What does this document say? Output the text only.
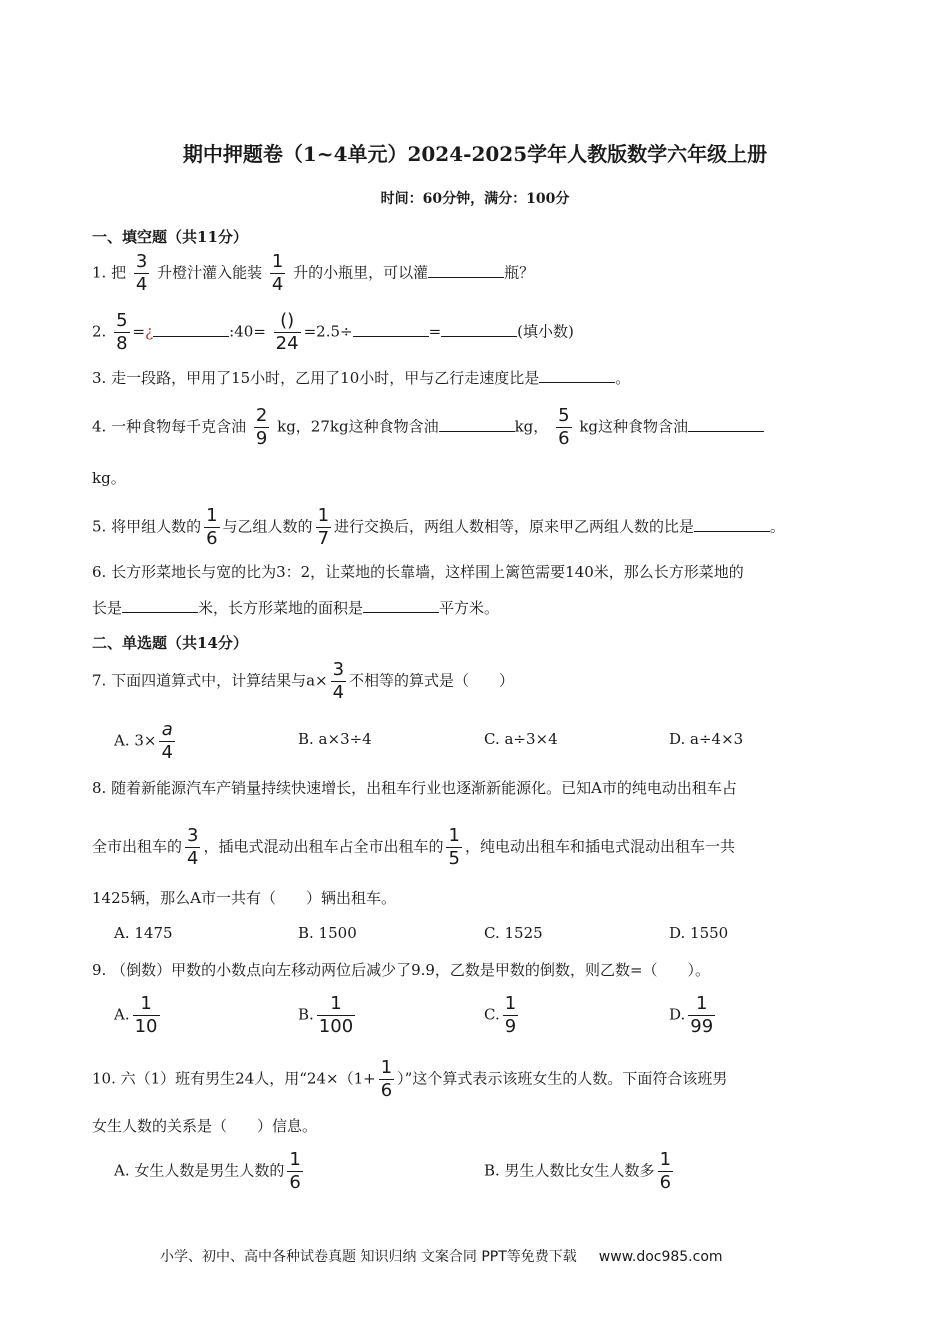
期中押题卷（1~4单元）2024-2025学年人教版数学六年级上册
时间：60分钟，满分：100分
一、填空题（共11分）
1. 把 $\frac{3}{4}$ 升橙汁灌入能装 $\frac{1}{4}$ 升的小瓶里，可以灌	瓶？
2. $\frac{5}{8}$ =¿	:40= $\frac{()}{24} =2.5\div$	=	(填小数)
3. 走一段路，甲用了15小时，乙用了10小时，甲与乙行走速度比是	。
4. 一种食物每千克含油 $\frac{2}{9}$ kg，27kg这种食物含油	kg， $\frac{5}{6}$ kg这种食物含油
kg。
5. 将甲组人数的 $\frac{1}{6}$ 与乙组人数的 $\frac{1}{7}$ 进行交换后，两组人数相等，原来甲乙两组人数的比是	。
6. 长方形菜地长与宽的比为3：2，让菜地的长靠墙，这样围上篱笆需要140米，那么长方形菜地的
长是	米，长方形菜地的面积是	平方米。
二、单选题（共14分）
7. 下面四道算式中，计算结果与$a\times \frac{3}{4}$ 不相等的算式是（　　）
A. $3\times \frac{a}{4}$	B. a×3÷4	C. a÷3×4	D. a÷4×3
8. 随着新能源汽车产销量持续快速增长，出租车行业也逐渐新能源化。已知A市的纯电动出租车占
全市出租车的 $\frac{3}{4}$ ，插电式混动出租车占全市出租车的 $\frac{1}{5}$ ，纯电动出租车和插电式混动出租车一共
1425辆，那么A市一共有（　　）辆出租车。
A. 1475	B. 1500	C. 1525	D. 1550
9. （倒数）甲数的小数点向左移动两位后减少了9.9，乙数是甲数的倒数，则乙数=（　　）。
A. $\frac{1}{10}$	B. $\frac{1}{100}$	C. $\frac{1}{9}$	D. $\frac{1}{99}$
10. 六（1）班有男生24人，用“$24\times(1+ \frac{1}{6}$ ）”这个算式表示该班女生的人数。下面符合该班男
女生人数的关系是（　　）信息。
A. 女生人数是男生人数的 $\frac{1}{6}$	B. 男生人数比女生人数多 $\frac{1}{6}$
小学、初中、高中各种试卷真题 知识归纳 文案合同 PPT等免费下载 www.doc985.com
